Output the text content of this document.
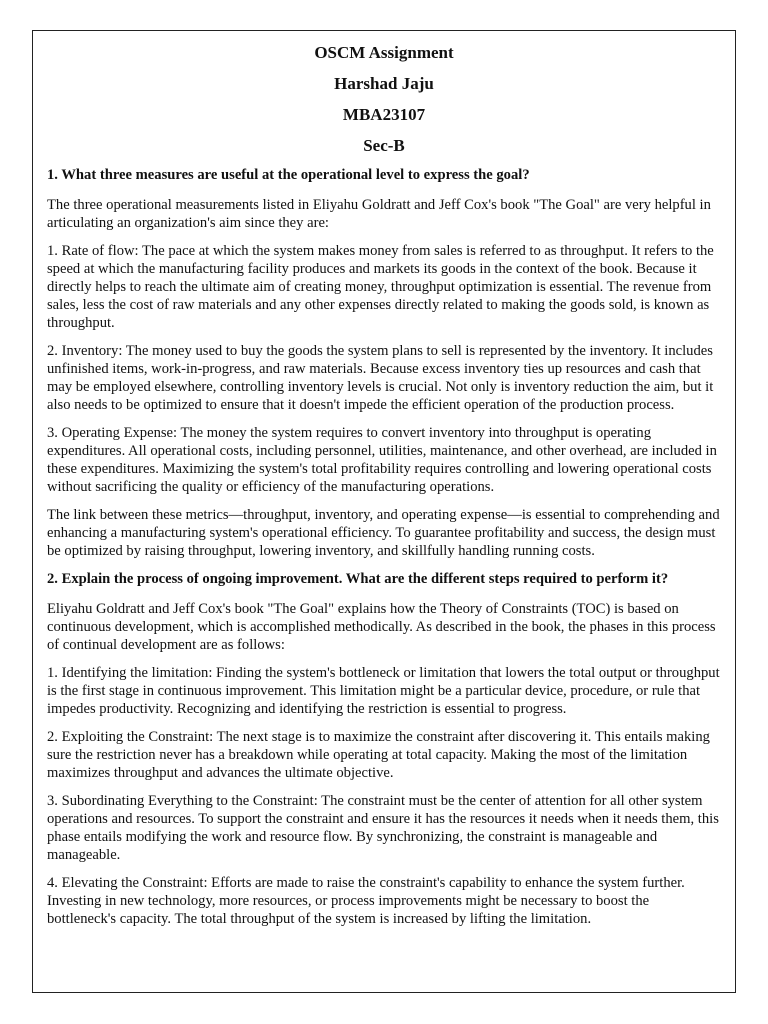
OSCM Assignment
Harshad Jaju
MBA23107
Sec-B
1. What three measures are useful at the operational level to express the goal?
The three operational measurements listed in Eliyahu Goldratt and Jeff Cox's book "The Goal" are very helpful in articulating an organization's aim since they are:
1. Rate of flow: The pace at which the system makes money from sales is referred to as throughput. It refers to the speed at which the manufacturing facility produces and markets its goods in the context of the book. Because it directly helps to reach the ultimate aim of creating money, throughput optimization is essential. The revenue from sales, less the cost of raw materials and any other expenses directly related to making the goods sold, is known as throughput.
2. Inventory: The money used to buy the goods the system plans to sell is represented by the inventory. It includes unfinished items, work-in-progress, and raw materials. Because excess inventory ties up resources and cash that may be employed elsewhere, controlling inventory levels is crucial. Not only is inventory reduction the aim, but it also needs to be optimized to ensure that it doesn't impede the efficient operation of the production process.
3. Operating Expense: The money the system requires to convert inventory into throughput is operating expenditures. All operational costs, including personnel, utilities, maintenance, and other overhead, are included in these expenditures. Maximizing the system's total profitability requires controlling and lowering operational costs without sacrificing the quality or efficiency of the manufacturing operations.
The link between these metrics—throughput, inventory, and operating expense—is essential to comprehending and enhancing a manufacturing system's operational efficiency. To guarantee profitability and success, the design must be optimized by raising throughput, lowering inventory, and skillfully handling running costs.
2. Explain the process of ongoing improvement. What are the different steps required to perform it?
Eliyahu Goldratt and Jeff Cox's book "The Goal" explains how the Theory of Constraints (TOC) is based on continuous development, which is accomplished methodically. As described in the book, the phases in this process of continual development are as follows:
1. Identifying the limitation: Finding the system's bottleneck or limitation that lowers the total output or throughput is the first stage in continuous improvement. This limitation might be a particular device, procedure, or rule that impedes productivity. Recognizing and identifying the restriction is essential to progress.
2. Exploiting the Constraint: The next stage is to maximize the constraint after discovering it. This entails making sure the restriction never has a breakdown while operating at total capacity. Making the most of the limitation maximizes throughput and advances the ultimate objective.
3. Subordinating Everything to the Constraint: The constraint must be the center of attention for all other system operations and resources. To support the constraint and ensure it has the resources it needs when it needs them, this phase entails modifying the work and resource flow. By synchronizing, the constraint is manageable and manageable.
4. Elevating the Constraint: Efforts are made to raise the constraint's capability to enhance the system further. Investing in new technology, more resources, or process improvements might be necessary to boost the bottleneck's capacity. The total throughput of the system is increased by lifting the limitation.
